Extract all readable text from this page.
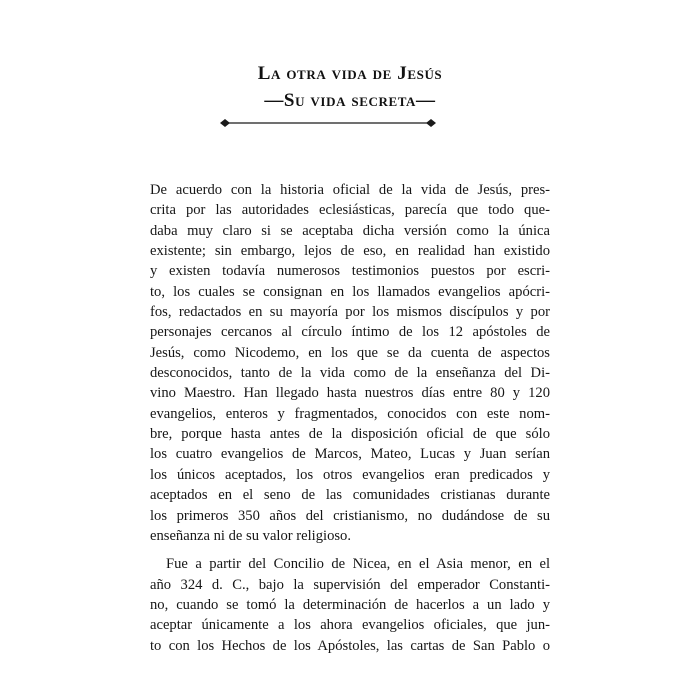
La otra vida de Jesús
—Su vida secreta—

De acuerdo con la historia oficial de la vida de Jesús, pres-
crita por las autoridades eclesiásticas, parecía que todo que-
daba muy claro si se aceptaba dicha versión como la única
existente; sin embargo, lejos de eso, en realidad han existido
y existen todavía numerosos testimonios puestos por escri-
to, los cuales se consignan en los llamados evangelios apócri-
fos, redactados en su mayoría por los mismos discípulos y por
personajes cercanos al círculo íntimo de los 12 apóstoles de
Jesús, como Nicodemo, en los que se da cuenta de aspectos
desconocidos, tanto de la vida como de la enseñanza del Di-
vino Maestro. Han llegado hasta nuestros días entre 80 y 120
evangelios, enteros y fragmentados, conocidos con este nom-
bre, porque hasta antes de la disposición oficial de que sólo
los cuatro evangelios de Marcos, Mateo, Lucas y Juan serían
los únicos aceptados, los otros evangelios eran predicados y
aceptados en el seno de las comunidades cristianas durante
los primeros 350 años del cristianismo, no dudándose de su
enseñanza ni de su valor religioso.

Fue a partir del Concilio de Nicea, en el Asia menor, en el
año 324 d. C., bajo la supervisión del emperador Constanti-
no, cuando se tomó la determinación de hacerlos a un lado y
aceptar únicamente a los ahora evangelios oficiales, que jun-
to con los Hechos de los Apóstoles, las cartas de San Pablo o
